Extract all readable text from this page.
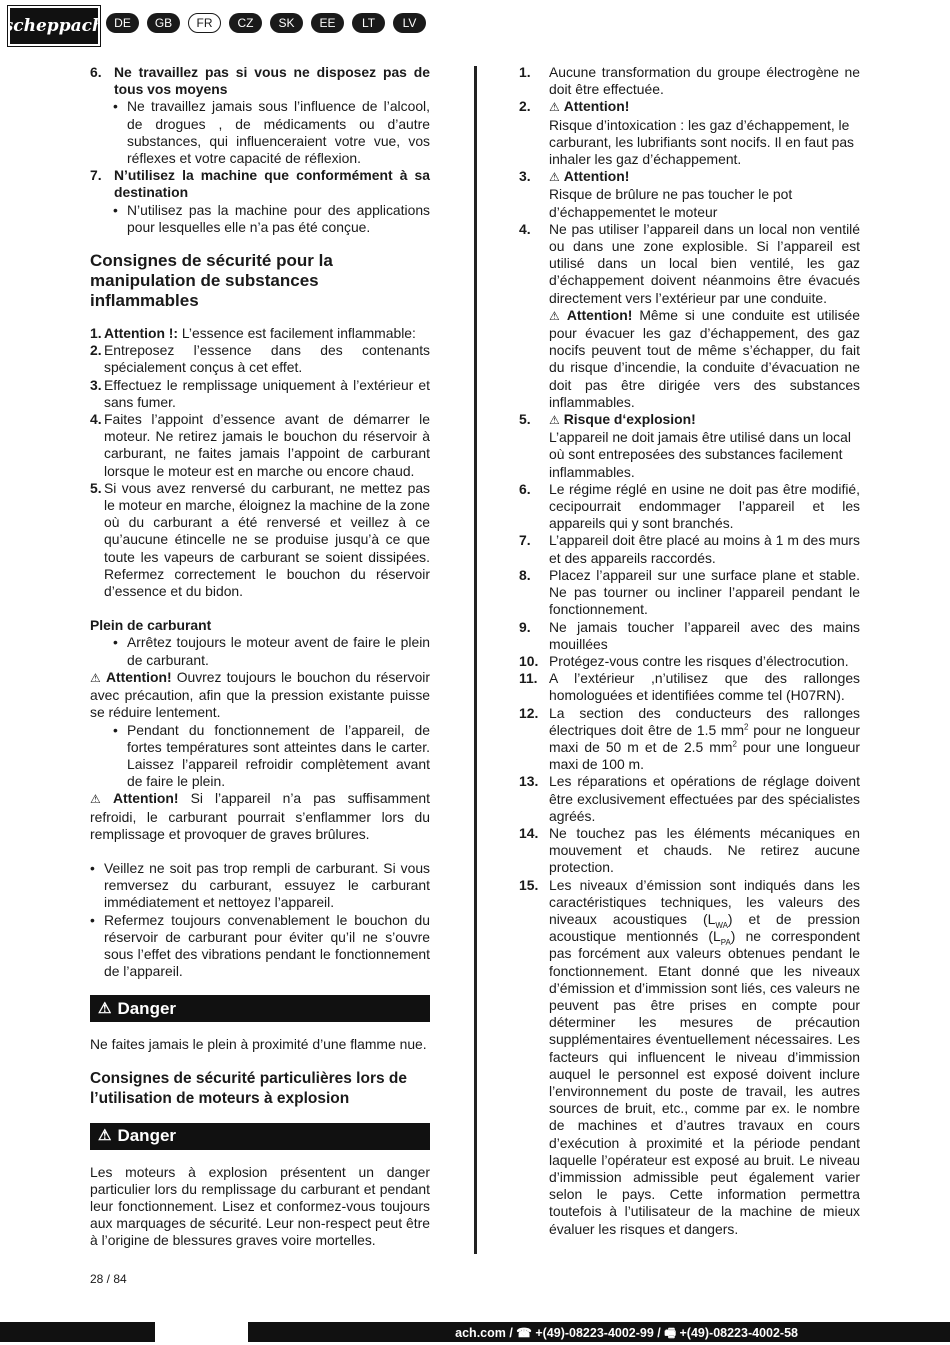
scheppach DE	GB	FR	CZ	SK	EE	LT	LV
6. Ne travaillez pas si vous ne disposez pas de tous vos moyens
• Ne travaillez jamais sous l’influence de l’alcool, de drogues , de médicaments ou d’autre substances, qui influenceraient votre vue, vos réflexes et votre capacité de réflexion.
7. N’utilisez la machine que conformément à sa destination
• N’utilisez pas la machine pour des applications pour lesquelles elle n’a pas été conçue.
Consignes de sécurité pour la manipulation de substances inflammables
1. Attention !: L’essence est facilement inflammable:
2. Entreposez l’essence dans des contenants spécialement conçus à cet effet.
3. Effectuez le remplissage uniquement à l’extérieur et sans fumer.
4. Faites l’appoint d’essence avant de démarrer le moteur. Ne retirez jamais le bouchon du réservoir à carburant, ne faites jamais l’appoint de carburant lorsque le moteur est en marche ou encore chaud.
5. Si vous avez renversé du carburant, ne mettez pas le moteur en marche, éloignez la machine de la zone où du carburant a été renversé et veillez à ce qu’aucune étincelle ne se produise jusqu’à ce que toute les vapeurs de carburant se soient dissipées. Refermez correctement le bouchon du réservoir d’essence et du bidon.
Plein de carburant
• Arrêtez toujours le moteur avent de faire le plein de carburant.

⚠ Attention! Ouvrez toujours le bouchon du réservoir avec précaution, afin que la pression existante puisse se réduire lentement.

• Pendant du fonctionnement de l’appareil, de fortes températures sont atteintes dans le carter. Laissez l’appareil refroidir complètement avant de faire le plein.

⚠ Attention! Si l’appareil n’a pas suffisamment refroidi, le carburant pourrait s’enflammer lors du remplissage et provoquer de graves brûlures.

• Veillez ne soit pas trop rempli de carburant. Si vous remversez du carburant, essuyez le carburant immédiatement et nettoyez l’appareil.
• Refermez toujours convenablement le bouchon du réservoir de carburant pour éviter qu’il ne s’ouvre sous l’effet des vibrations pendant le fonctionnement de l’appareil.
⚠ Danger

Ne faites jamais le plein à proximité d’une flamme nue.

Consignes de sécurité particulières lors de l’utilisation de moteurs à explosion
⚠ Danger

Les moteurs à explosion présentent un danger particulier lors du remplissage du carburant et pendant leur fonctionnement. Lisez et conformez-vous toujours aux marquages de sécurité. Leur non-respect peut être à l’origine de blessures graves voire mortelles.

1.	Aucune transformation du groupe électrogène ne doit être effectuée.
2.	⚠ Attention!

Risque d’intoxication : les gaz d’échappement, le carburant, les lubrifiants sont nocifs. Il en faut pas inhaler les gaz d’échappement.
3.	⚠ Attention!

Risque de brûlure ne pas toucher le pot d’échappementet le moteur
4.	Ne pas utiliser l’appareil dans un local non ventilé ou dans une zone explosible. Si l’appareil est utilisé dans un local bien ventilé, les gaz d’échappement doivent néanmoins être évacués directement vers l’extérieur par une conduite.
⚠ Attention! Même si une conduite est utilisée pour évacuer les gaz d’échappement, des gaz nocifs peuvent tout de même s’échapper, du fait du risque d’incendie, la conduite d’évacuation ne doit pas être dirigée vers des substances inflammables.
5.	⚠ Risque d‘explosion!

L’appareil ne doit jamais être utilisé dans un local où sont entreposées des substances facilement inflammables.
6.	Le régime réglé en usine ne doit pas être modifié, cecipourrait endommager l’appareil et les appareils qui y sont branchés.
7.	L’appareil doit être placé au moins à 1 m des murs et des appareils raccordés.
8.	Placez l’appareil sur une surface plane et stable. Ne pas tourner ou incliner l’appareil pendant le fonctionnement.
9.	Ne jamais toucher l’appareil avec des mains mouillées
10. Protégez-vous contre les risques d’électrocution.
11. A l’extérieur ,n’utilisez que des rallonges homologuées et identifiées comme tel (H07RN).
12. La section des conducteurs des rallonges électriques doit être de 1.5 $mm^2$ pour ne longueur maxi de 50 m et de 2.5 $mm^2$ pour une longueur maxi de 100 m.
13. Les réparations et opérations de réglage doivent être exclusivement effectuées par des spécialistes agréés.
14. Ne touchez pas les éléments mécaniques en mouvement et chauds. Ne retirez aucune protection.
15. Les niveaux d’émission sont indiqués dans les caractéristiques techniques, les valeurs des niveaux acoustiques $(L_{WA})$ et de pression acoustique mentionnés $(L_{PA})$ ne correspondent pas forcément aux valeurs obtenues pendant le fonctionnement. Etant donné que les niveaux d’émission et d’immission sont liés, ces valeurs ne peuvent pas être prises en compte pour déterminer les mesures de précaution supplémentaires éventuellement nécessaires. Les facteurs qui influencent le niveau d’immission auquel le personnel est exposé doivent inclure l’environnement du poste de travail, les autres sources de bruit, etc., comme par ex. le nombre de machines et d’autres travaux en cours d’exécution à proximité et la période pendant laquelle l’opérateur est exposé au bruit. Le niveau d’immission admissible peut également varier selon le pays. Cette information permettra toutefois à l’utilisateur de la machine de mieux évaluer les risques et dangers.
28 / 84
ach.com / ☎ +(49)-08223-4002-99 / 🖷 +(49)-08223-4002-58
